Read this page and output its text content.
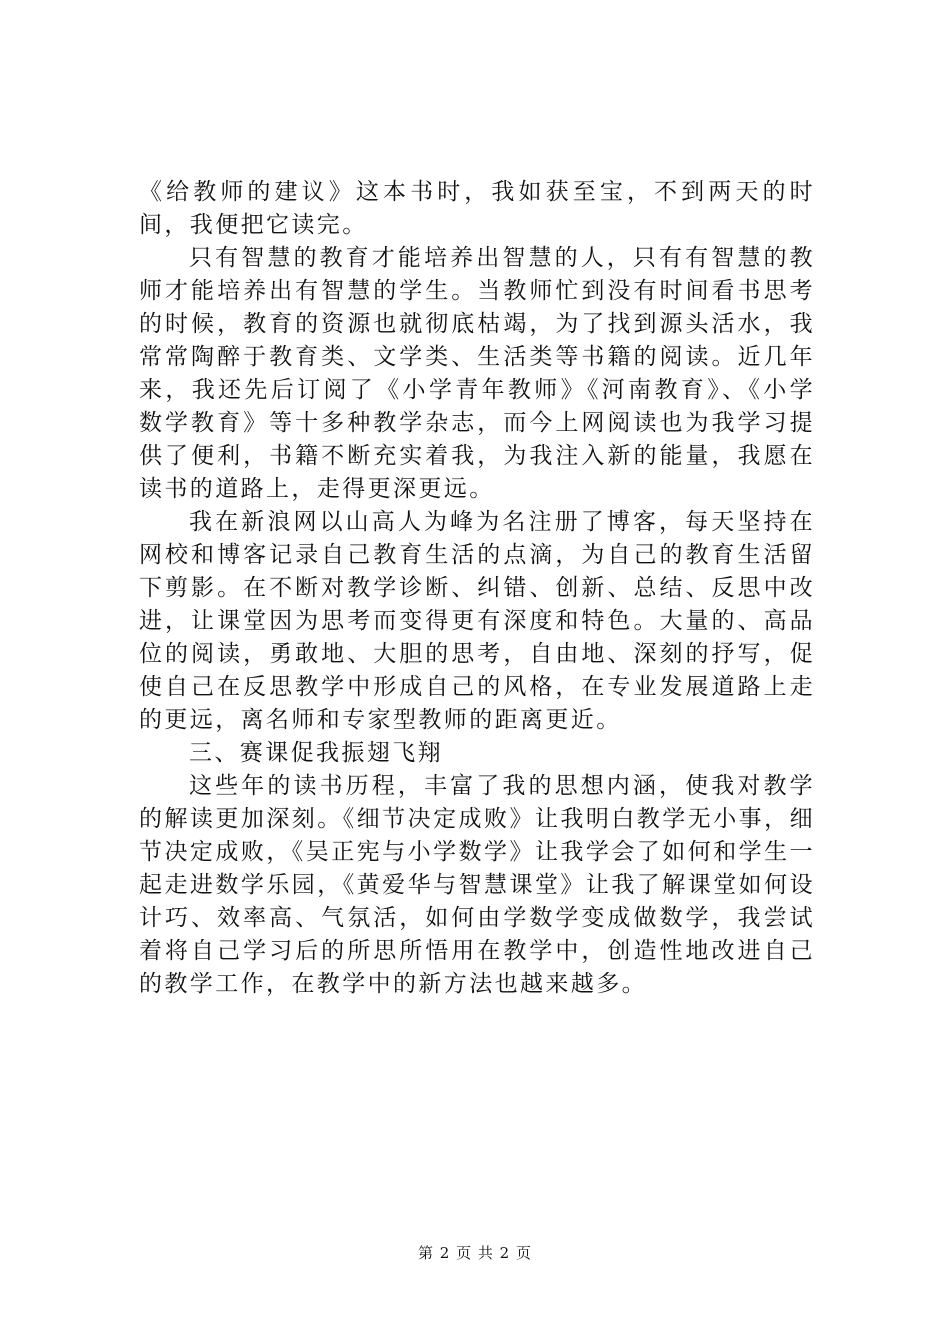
《给教师的建议》这本书时，我如获至宝，不到两天的时间，我便把它读完。

只有智慧的教育才能培养出智慧的人，只有有智慧的教师才能培养出有智慧的学生。当教师忙到没有时间看书思考的时候，教育的资源也就彻底枯竭，为了找到源头活水，我常常陶醉于教育类、文学类、生活类等书籍的阅读。近几年来，我还先后订阅了《小学青年教师》《河南教育》、《小学数学教育》等十多种教学杂志，而今上网阅读也为我学习提供了便利，书籍不断充实着我，为我注入新的能量，我愿在读书的道路上，走得更深更远。

我在新浪网以山高人为峰为名注册了博客，每天坚持在网校和博客记录自己教育生活的点滴，为自己的教育生活留下剪影。在不断对教学诊断、纠错、创新、总结、反思中改进，让课堂因为思考而变得更有深度和特色。大量的、高品位的阅读，勇敢地、大胆的思考，自由地、深刻的抒写，促使自己在反思教学中形成自己的风格，在专业发展道路上走的更远，离名师和专家型教师的距离更近。

三、赛课促我振翅飞翔

这些年的读书历程，丰富了我的思想内涵，使我对教学的解读更加深刻。《细节决定成败》让我明白教学无小事，细节决定成败，《吴正宪与小学数学》让我学会了如何和学生一起走进数学乐园，《黄爱华与智慧课堂》让我了解课堂如何设计巧、效率高、气氛活，如何由学数学变成做数学，我尝试着将自己学习后的所思所悟用在教学中，创造性地改进自己的教学工作，在教学中的新方法也越来越多。

第 2 页 共 2 页
